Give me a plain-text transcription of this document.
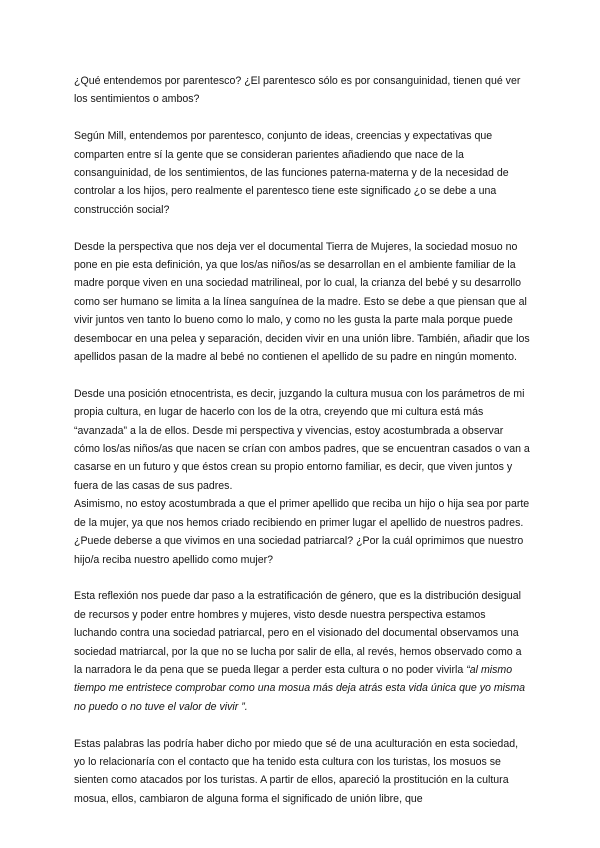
¿Qué entendemos por parentesco? ¿El parentesco sólo es por consanguinidad, tienen qué ver los sentimientos o ambos?

Según Mill, entendemos por parentesco, conjunto de ideas, creencias y expectativas que comparten entre sí la gente que se consideran parientes añadiendo que nace de la consanguinidad, de los sentimientos, de las funciones paterna-materna y de la necesidad de controlar a los hijos, pero realmente el parentesco tiene este significado ¿o se debe a una construcción social?

Desde la perspectiva que nos deja ver el documental Tierra de Mujeres, la sociedad mosuo no pone en pie esta definición, ya que los/as niños/as se desarrollan en el ambiente familiar de la madre porque viven en una sociedad matrilineal, por lo cual, la crianza del bebé y su desarrollo como ser humano se limita a la línea sanguínea de la madre. Esto se debe a que piensan que al vivir juntos ven tanto lo bueno como lo malo, y como no les gusta la parte mala porque puede desembocar en una pelea y separación, deciden vivir en una unión libre. También, añadir que los apellidos pasan de la madre al bebé no contienen el apellido de su padre en ningún momento.

Desde una posición etnocentrista, es decir, juzgando la cultura musua con los parámetros de mi propia cultura, en lugar de hacerlo con los de la otra, creyendo que mi cultura está más “avanzada” a la de ellos. Desde mi perspectiva y vivencias, estoy acostumbrada a observar cómo los/as niños/as que nacen se crían con ambos padres, que se encuentran casados o van a casarse en un futuro y que éstos crean su propio entorno familiar, es decir, que viven juntos y fuera de las casas de sus padres.

Asimismo, no estoy acostumbrada a que el primer apellido que reciba un hijo o hija sea por parte de la mujer, ya que nos hemos criado recibiendo en primer lugar el apellido de nuestros padres. ¿Puede deberse a que vivimos en una sociedad patriarcal? ¿Por la cuál oprimimos que nuestro hijo/a reciba nuestro apellido como mujer?

Esta reflexión nos puede dar paso a la estratificación de género, que es la distribución desigual de recursos y poder entre hombres y mujeres, visto desde nuestra perspectiva estamos luchando contra una sociedad patriarcal, pero en el visionado del documental observamos una sociedad matriarcal, por la que no se lucha por salir de ella, al revés, hemos observado como a la narradora le da pena que se pueda llegar a perder esta cultura o no poder vivirla “al mismo tiempo me entristece comprobar como una mosua más deja atrás esta vida única que yo misma no puedo o no tuve el valor de vivir ”.

Estas palabras las podría haber dicho por miedo que sé de una aculturación en esta sociedad, yo lo relacionaría con el contacto que ha tenido esta cultura con los turistas, los mosuos se sienten como atacados por los turistas. A partir de ellos, apareció la prostitución en la cultura mosua, ellos, cambiaron de alguna forma el significado de unión libre, que
